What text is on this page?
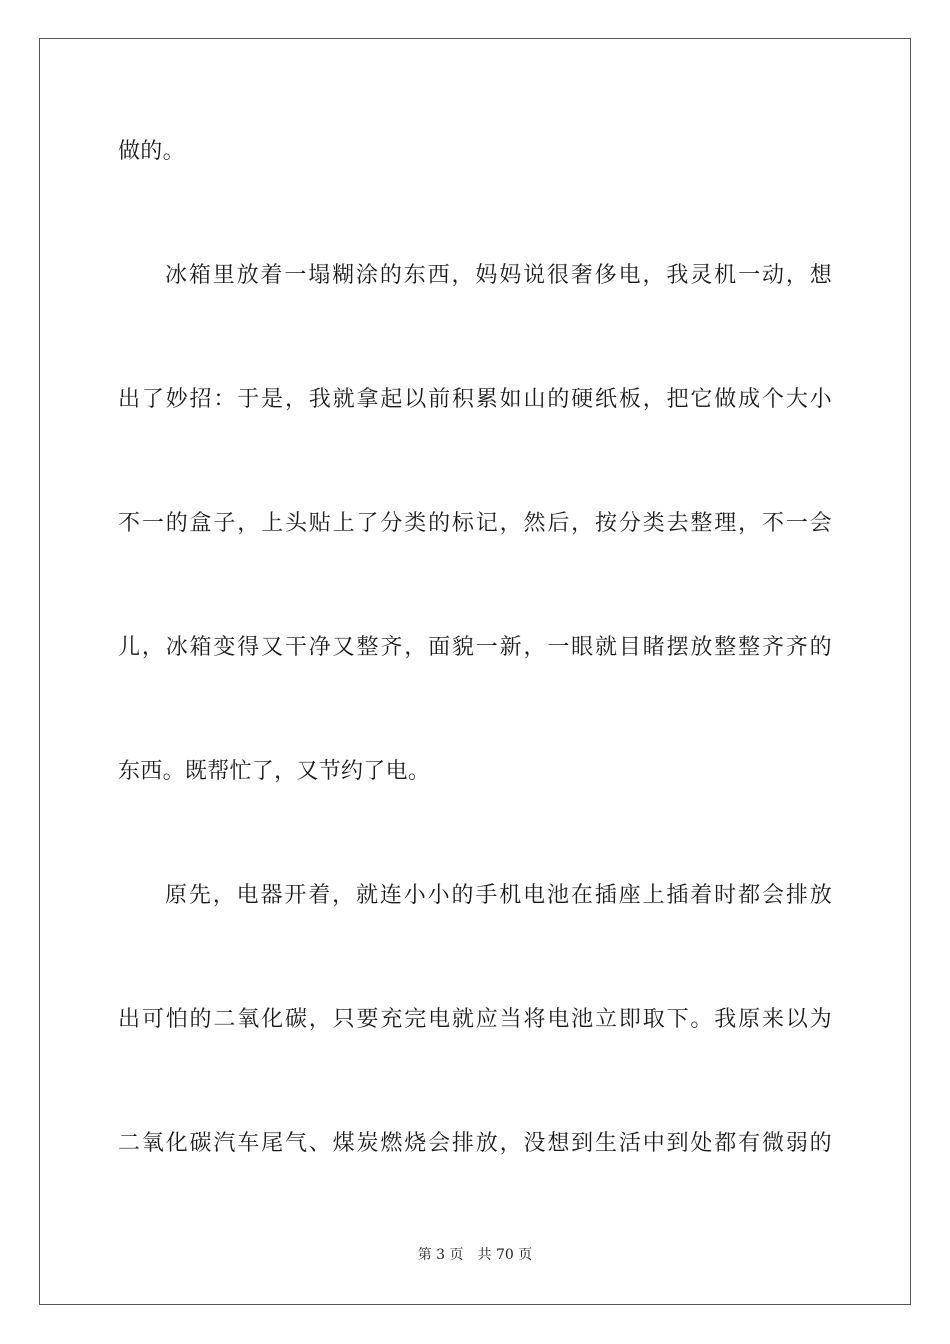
做的。
冰箱里放着一塌糊涂的东西，妈妈说很奢侈电，我灵机一动，想
出了妙招：于是，我就拿起以前积累如山的硬纸板，把它做成个大小
不一的盒子，上头贴上了分类的标记，然后，按分类去整理，不一会
儿，冰箱变得又干净又整齐，面貌一新，一眼就目睹摆放整整齐齐的
东西。既帮忙了，又节约了电。
原先，电器开着，就连小小的手机电池在插座上插着时都会排放
出可怕的二氧化碳，只要充完电就应当将电池立即取下。我原来以为
二氧化碳汽车尾气、煤炭燃烧会排放，没想到生活中到处都有微弱的
第 3 页 共 70 页
